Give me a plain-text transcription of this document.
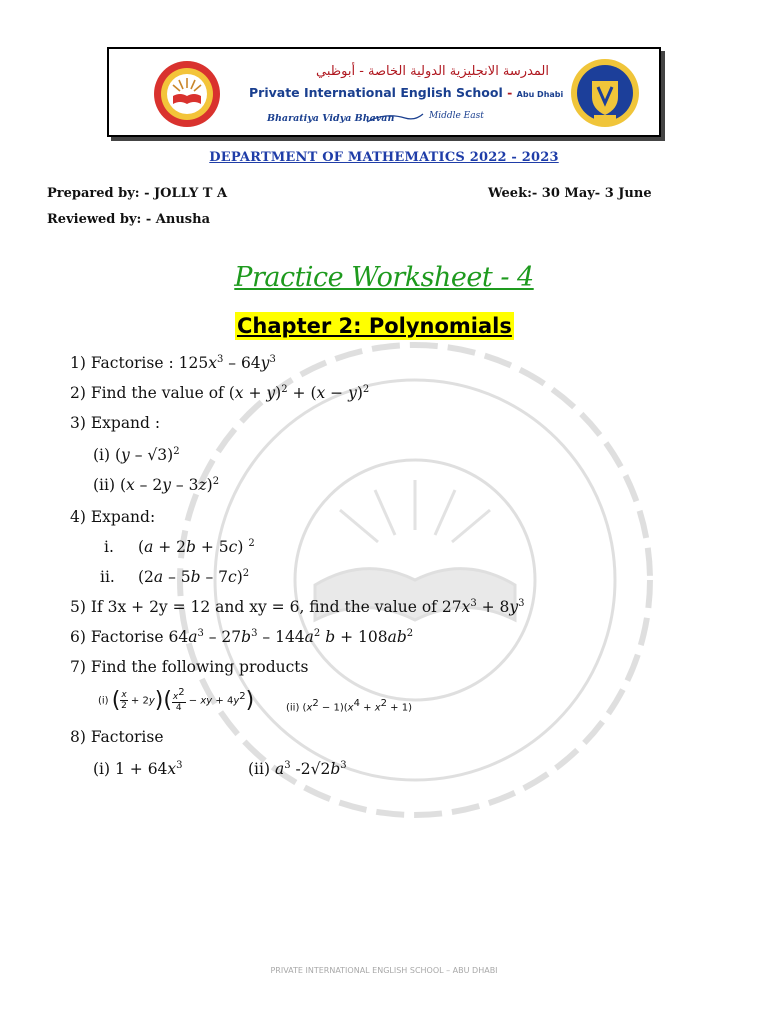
المدرسة الانجليزية الدولية الخاصة - أبوظبي
Private International English School - Abu Dhabi
Bharatiya Vidya Bhavan	Middle East
DEPARTMENT OF MATHEMATICS 2022 - 2023
Prepared by: - JOLLY T A	Week:- 30 May- 3 June
Reviewed by: - Anusha
Practice Worksheet - 4
Chapter 2: Polynomials
1) Factorise : $125x^3 - 64y^3$
2) Find the value of $(x + y)^2 + (x - y)^2$
3) Expand :
(i) (y – √3)$^2$
(ii) (x – 2y – 3z)$^2$
4) Expand:
i. (a + 2b + 5c) $^2$
ii. (2a – 5b – 7c)$^2$
5) If 3x + 2y = 12 and xy = 6, find the value of $27x^3 + 8y^3$
6) Factorise $64a^3 - 27b^3 - 144a^2$ $b + 108ab^2$
7) Find the following products
(i) ( $\frac{x}{2} + 2y)( \frac{x^2}{4}$ − xy + $4y^2$)	(ii) $(x^2 - 1)(x^4 + x^2 + 1)$
8) Factorise
(i) $1 + 64x^3$	(ii) $a^3$ $-2√2b^3$
PRIVATE INTERNATIONAL ENGLISH SCHOOL – ABU DHABI
